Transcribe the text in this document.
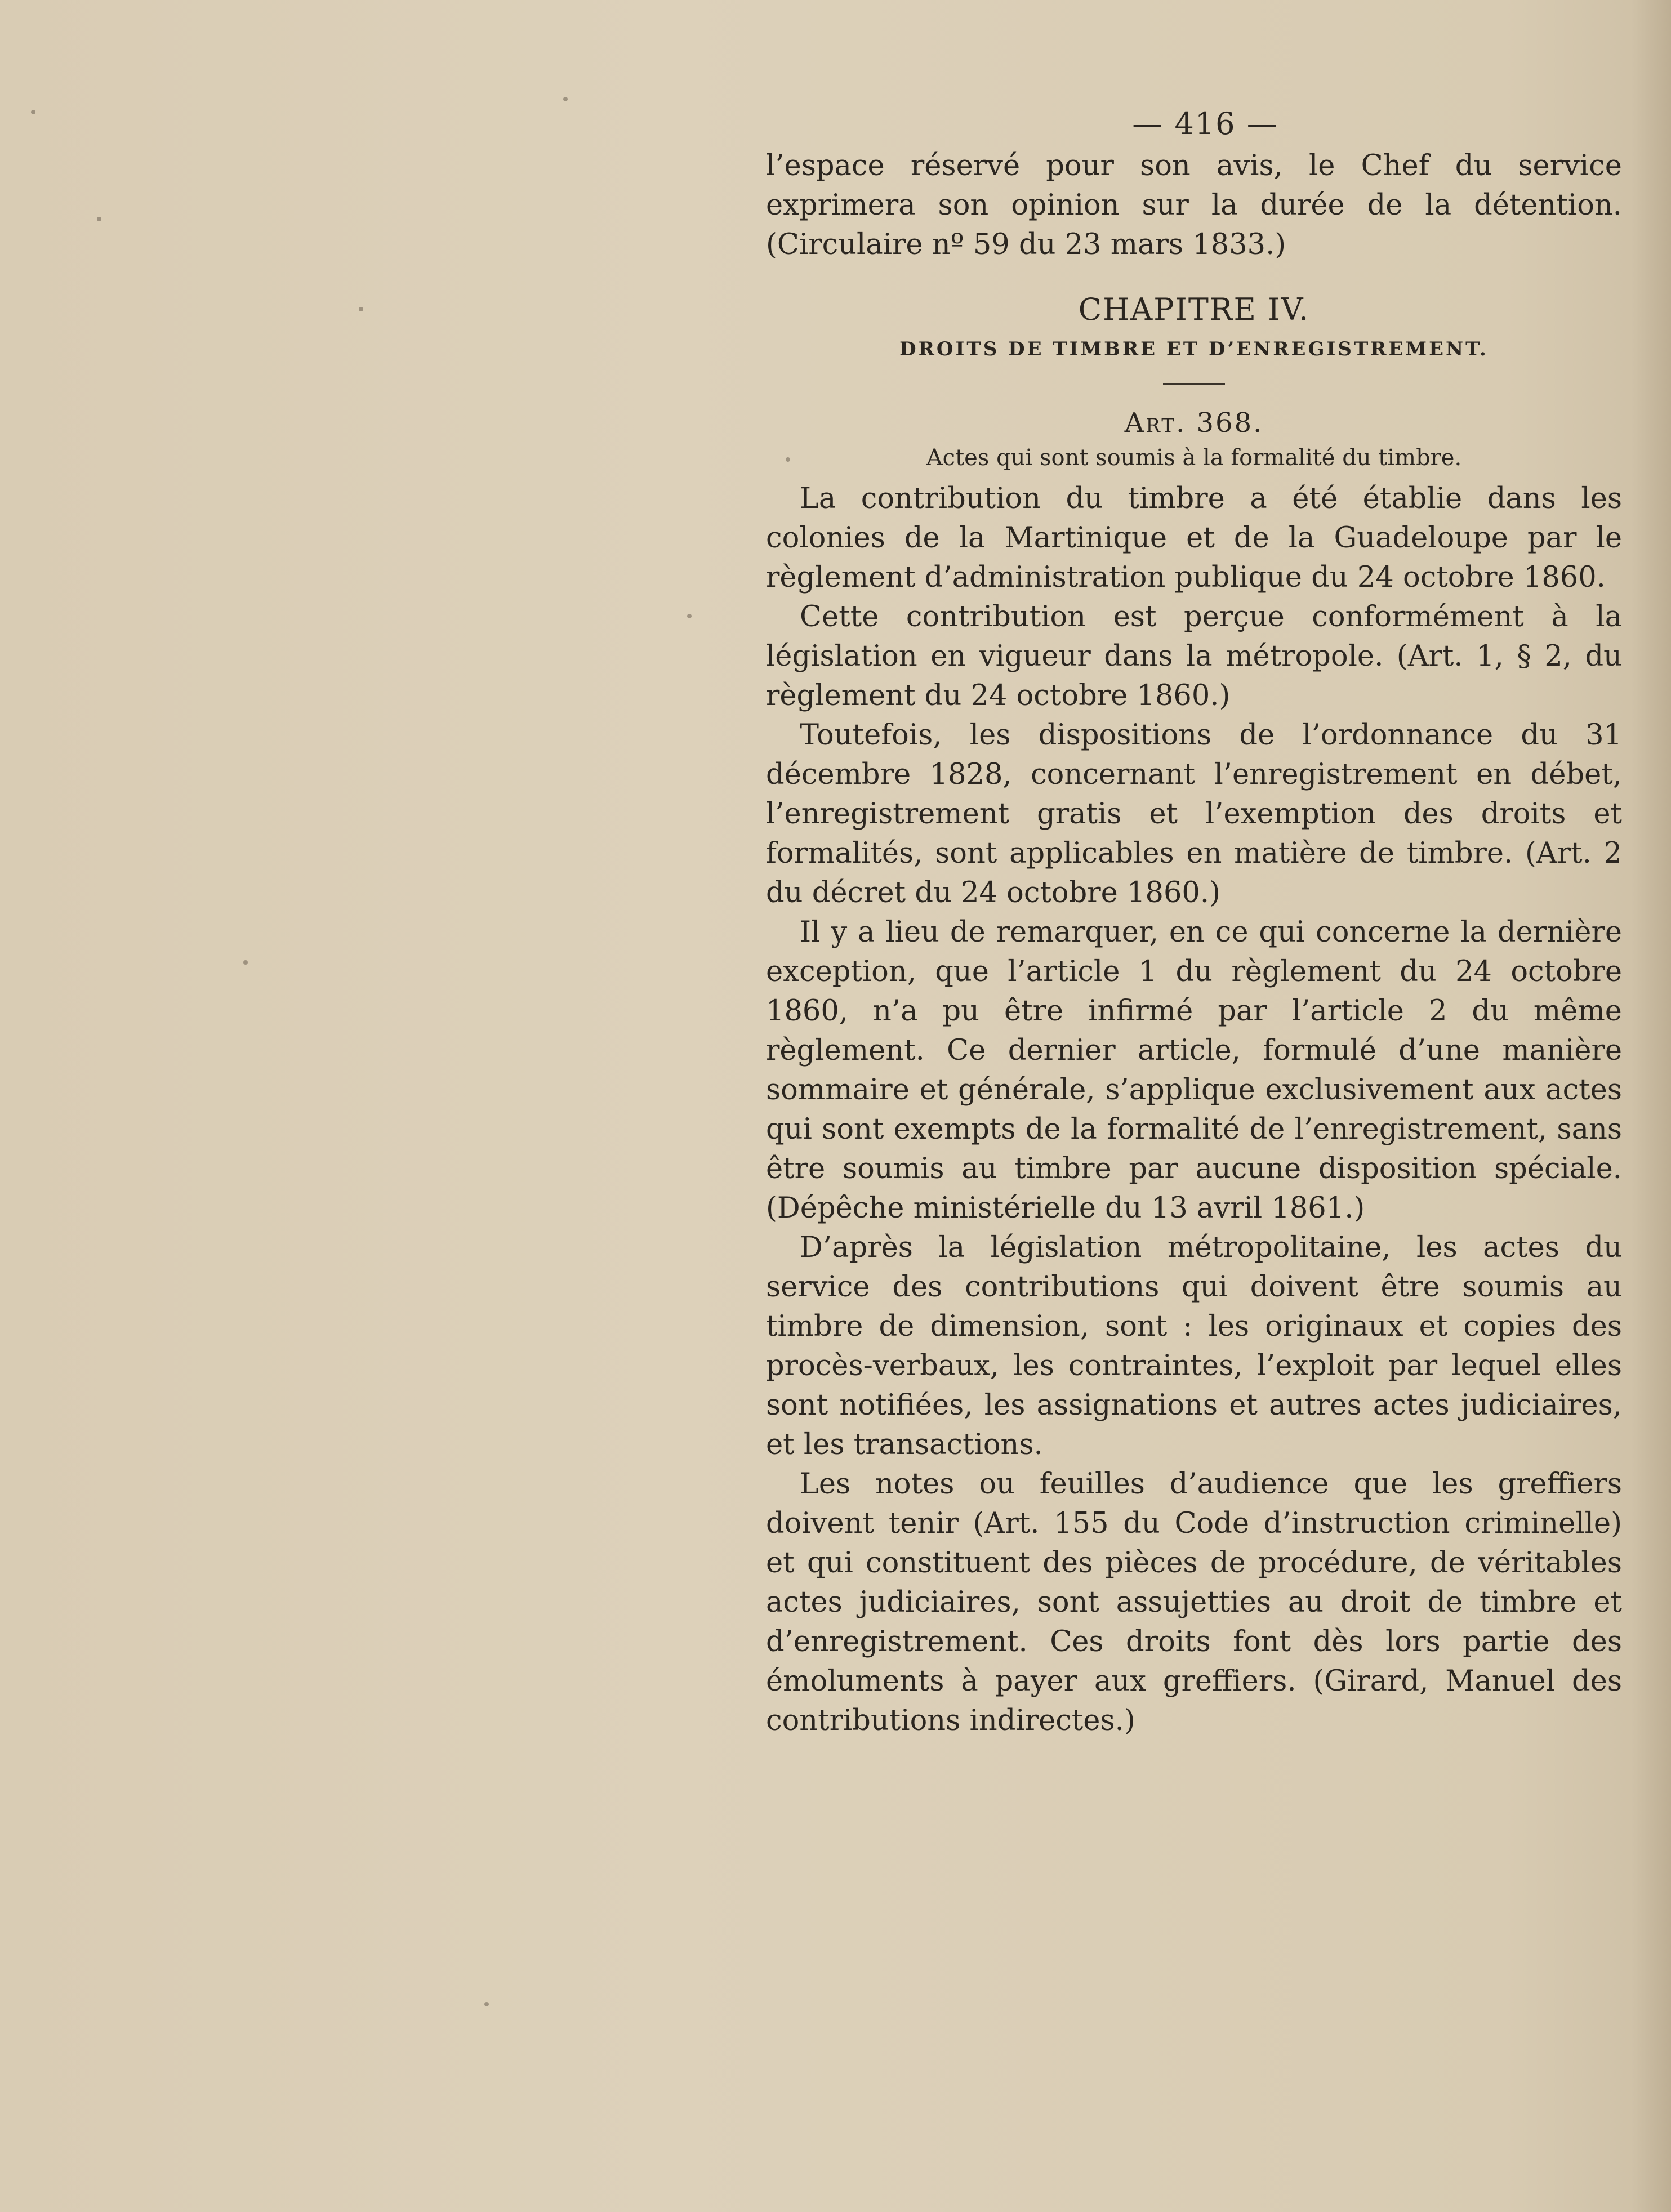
— 416 —

l’espace réservé pour son avis, le Chef du service exprimera son opinion sur la durée de la détention. (Circulaire nº 59 du 23 mars 1833.)

CHAPITRE IV.
DROITS DE TIMBRE ET D’ENREGISTREMENT.
Art. 368.
Actes qui sont soumis à la formalité du timbre.

La contribution du timbre a été établie dans les colonies de la Martinique et de la Guadeloupe par le règlement d’administration publique du 24 octobre 1860.

Cette contribution est perçue conformément à la législation en vigueur dans la métropole. (Art. 1, § 2, du règlement du 24 octobre 1860.)

Toutefois, les dispositions de l’ordonnance du 31 décembre 1828, concernant l’enregistrement en débet, l’enregistrement gratis et l’exemption des droits et formalités, sont applicables en matière de timbre. (Art. 2 du décret du 24 octobre 1860.)

Il y a lieu de remarquer, en ce qui concerne la dernière exception, que l’article 1 du règlement du 24 octobre 1860, n’a pu être infirmé par l’article 2 du même règlement. Ce dernier article, formulé d’une manière sommaire et générale, s’applique exclusivement aux actes qui sont exempts de la formalité de l’enregistrement, sans être soumis au timbre par aucune disposition spéciale. (Dépêche ministérielle du 13 avril 1861.)

D’après la législation métropolitaine, les actes du service des contributions qui doivent être soumis au timbre de dimension, sont : les originaux et copies des procès-verbaux, les contraintes, l’exploit par lequel elles sont notifiées, les assignations et autres actes judiciaires, et les transactions.

Les notes ou feuilles d’audience que les greffiers doivent tenir (Art. 155 du Code d’instruction criminelle) et qui constituent des pièces de procédure, de véritables actes judiciaires, sont assujetties au droit de timbre et d’enregistrement. Ces droits font dès lors partie des émoluments à payer aux greffiers. (Girard, Manuel des contributions indirectes.)
